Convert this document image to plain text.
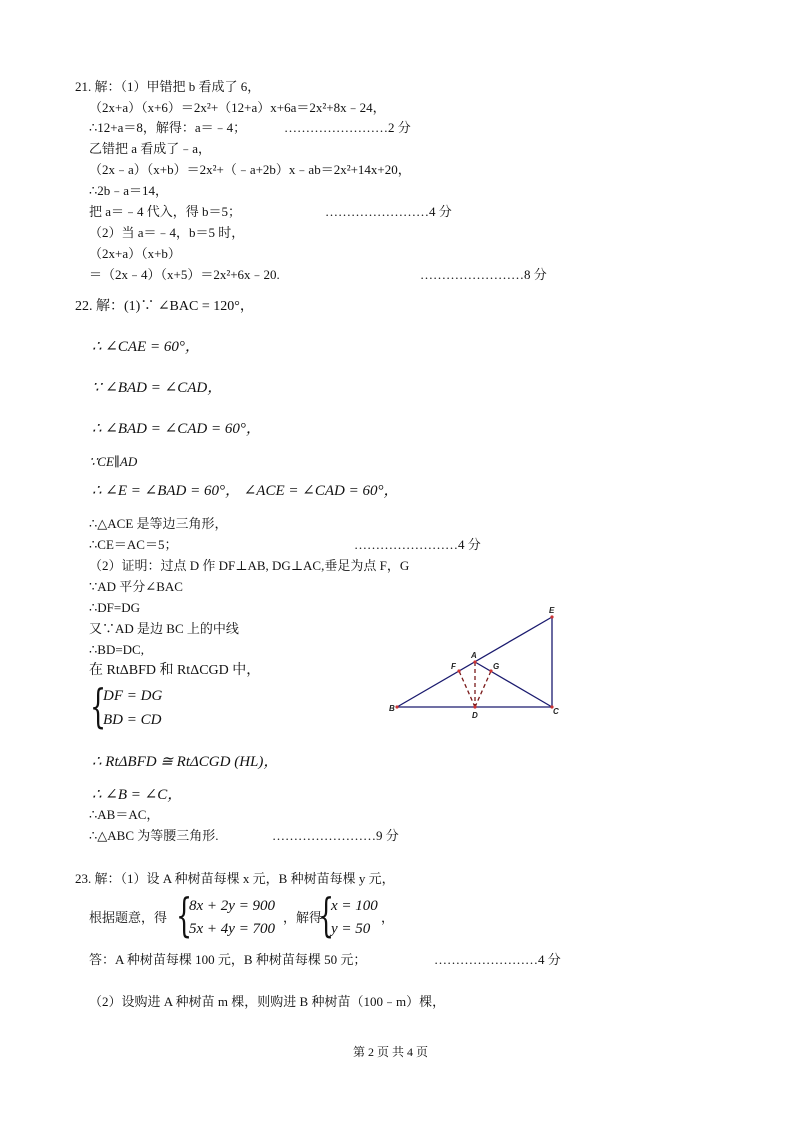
21. 解：（1）甲错把 b 看成了 6，
（2x+a）（x+6）＝2x²+（12+a）x+6a＝2x²+8x﹣24，
∴12+a＝8，解得：a＝﹣4；	……………………2 分
乙错把 a 看成了﹣a，
（2x﹣a）（x+b）＝2x²+（﹣a+2b）x﹣ab＝2x²+14x+20，
∴2b﹣a＝14，
把 a＝﹣4 代入，得 b＝5；	……………………4 分
（2）当 a＝﹣4，b＝5 时，
（2x+a）（x+b）
＝（2x﹣4）（x+5）＝2x²+6x﹣20.	……………………8 分
22. 解：(1)∵ ∠BAC = 120°，
∴ ∠CAE = 60°，
∵ ∠BAD = ∠CAD，
∴ ∠BAD = ∠CAD = 60°，
∵CE∥AD
∴ ∠E = ∠BAD = 60°， ∠ACE = ∠CAD = 60°，
∴△ACE 是等边三角形，
∴CE＝AC＝5；	……………………4 分
（2）证明：过点 D 作 DF⊥AB, DG⊥AC,垂足为点 F，G
∵AD 平分∠BAC
∴DF=DG
又∵AD 是边 BC 上的中线
∴BD=DC,
在 RtΔBFD 和 RtΔCGD 中，
{
DF = DG
BD = CD
∴ RtΔBFD ≅ RtΔCGD (HL)，
∴ ∠B = ∠C，
∴AB＝AC，
∴△ABC 为等腰三角形.	……………………9 分
E
A
F	G
B
D	C
23. 解：（1）设 A 种树苗每棵 x 元，B 种树苗每棵 y 元，
根据题意，得 {
8x + 2y = 900
5x + 4y = 700
，解得
{
x = 100
y = 50
，
答：A 种树苗每棵 100 元，B 种树苗每棵 50 元；	……………………4 分
（2）设购进 A 种树苗 m 棵，则购进 B 种树苗（100﹣m）棵，
第 2 页 共 4 页
